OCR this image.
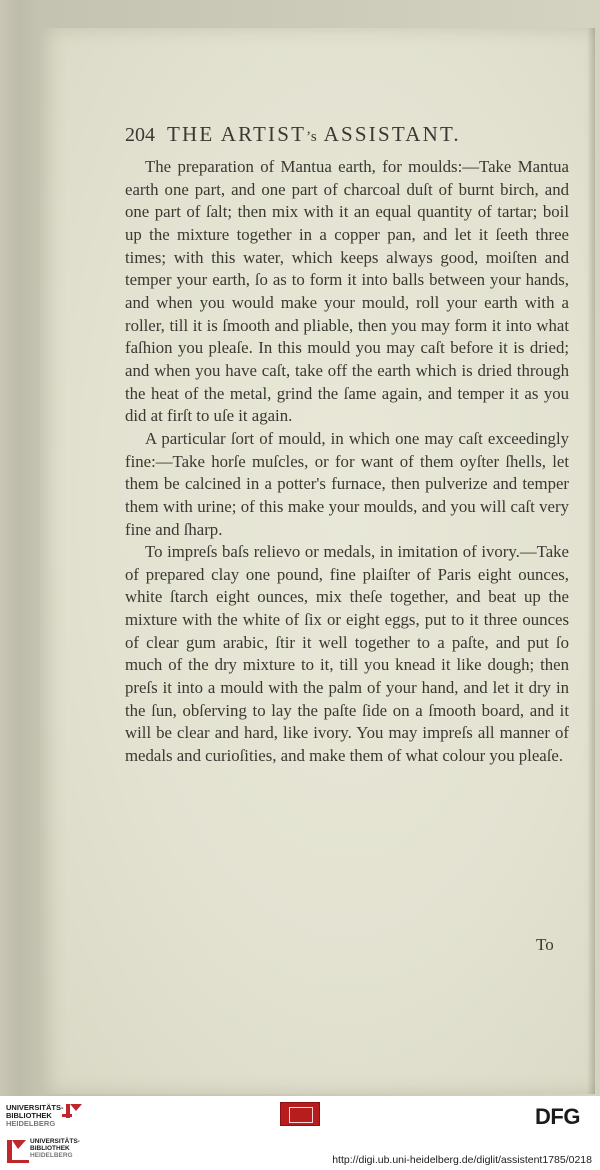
204 THE ARTIST’s ASSISTANT.

The preparation of Mantua earth, for moulds:—Take Mantua earth one part, and one part of charcoal duſt of burnt birch, and one part of ſalt; then mix with it an equal quantity of tartar; boil up the mixture together in a copper pan, and let it ſeeth three times; with this water, which keeps always good, moiſten and temper your earth, ſo as to form it into balls between your hands, and when you would make your mould, roll your earth with a roller, till it is ſmooth and pliable, then you may form it into what faſhion you pleaſe. In this mould you may caſt before it is dried; and when you have caſt, take off the earth which is dried through the heat of the metal, grind the ſame again, and temper it as you did at firſt to uſe it again.

A particular ſort of mould, in which one may caſt exceedingly fine:—Take horſe muſcles, or for want of them oyſter ſhells, let them be calcined in a potter's furnace, then pulverize and temper them with urine; of this make your moulds, and you will caſt very fine and ſharp.

To impreſs baſs relievo or medals, in imitation of ivory.—Take of prepared clay one pound, fine plaiſter of Paris eight ounces, white ſtarch eight ounces, mix theſe together, and beat up the mixture with the white of ſix or eight eggs, put to it three ounces of clear gum arabic, ſtir it well together to a paſte, and put ſo much of the dry mixture to it, till you knead it like dough; then preſs it into a mould with the palm of your hand, and let it dry in the ſun, obſerving to lay the paſte ſide on a ſmooth board, and it will be clear and hard, like ivory. You may impreſs all manner of medals and curioſities, and make them of what colour you pleaſe.

To
UNIVERSITÄTS-
BIBLIOTHEK
HEIDELBERG
UNIVERSITÄTS-
BIBLIOTHEK
HEIDELBERG
DFG
http://digi.ub.uni-heidelberg.de/diglit/assistent1785/0218
